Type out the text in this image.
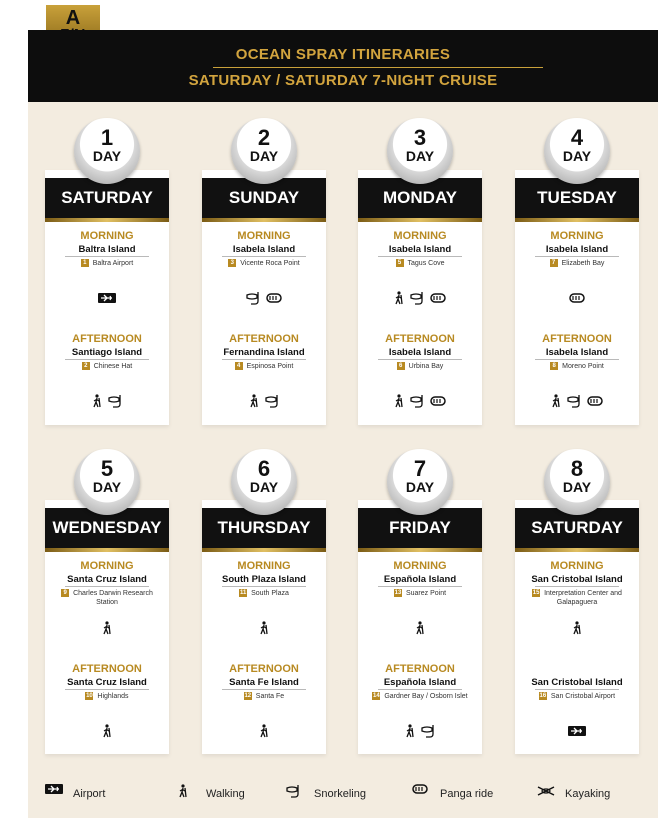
A
OCEAN SPRAY ITINERARIES
SATURDAY / SATURDAY 7-NIGHT CRUISE
SATURDAY
1
DAY
MORNING
Baltra Island
1 Baltra Airport
AFTERNOON
Santiago Island
2 Chinese Hat
SUNDAY
2
DAY
MORNING
Isabela Island
3 Vicente Roca Point
AFTERNOON
Fernandina Island
4 Espinosa Point
MONDAY
3
DAY
MORNING
Isabela Island
5 Tagus Cove
AFTERNOON
Isabela Island
6 Urbina Bay
TUESDAY
4
DAY
MORNING
Isabela Island
7 Elizabeth Bay
AFTERNOON
Isabela Island
8 Moreno Point
WEDNESDAY
5
DAY
MORNING
Santa Cruz Island
9 Charles Darwin Research Station
AFTERNOON
Santa Cruz Island
10 Highlands
THURSDAY
6
DAY
MORNING
South Plaza Island
11 South Plaza
AFTERNOON
Santa Fe Island
12 Santa Fe
FRIDAY
7
DAY
MORNING
Española Island
13 Suarez Point
AFTERNOON
Española Island
14 Gardner Bay / Osborn Islet
SATURDAY
8
DAY
MORNING
San Cristobal Island
15 Interpretation Center and Galapaguera
San Cristobal Island
16 San Cristobal Airport
Airport	Walking	Snorkeling	Panga ride	Kayaking
